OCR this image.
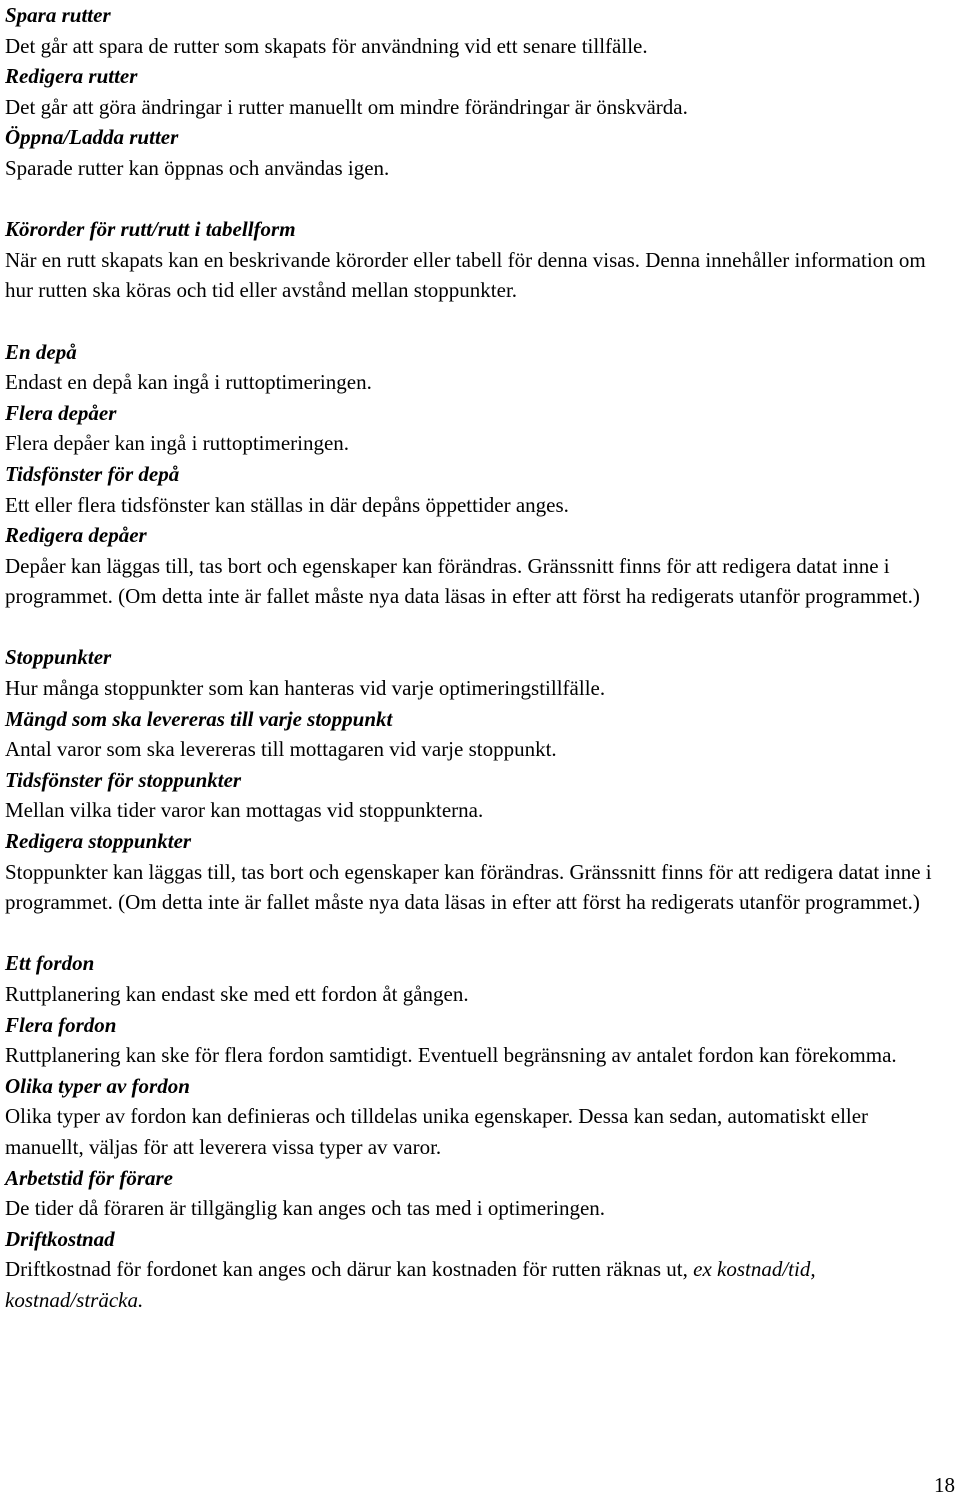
Spara rutter

Det går att spara de rutter som skapats för användning vid ett senare tillfälle.

Redigera rutter

Det går att göra ändringar i rutter manuellt om mindre förändringar är önskvärda.

Öppna/Ladda rutter

Sparade rutter kan öppnas och användas igen.

Körorder för rutt/rutt i tabellform

När en rutt skapats kan en beskrivande körorder eller tabell för denna visas. Denna innehåller information om hur rutten ska köras och tid eller avstånd mellan stoppunkter.

En depå

Endast en depå kan ingå i ruttoptimeringen.

Flera depåer

Flera depåer kan ingå i ruttoptimeringen.

Tidsfönster för depå

Ett eller flera tidsfönster kan ställas in där depåns öppettider anges.

Redigera depåer

Depåer kan läggas till, tas bort och egenskaper kan förändras. Gränssnitt finns för att redigera datat inne i programmet. (Om detta inte är fallet måste nya data läsas in efter att först ha redigerats utanför programmet.)

Stoppunkter

Hur många stoppunkter som kan hanteras vid varje optimeringstillfälle.

Mängd som ska levereras till varje stoppunkt

Antal varor som ska levereras till mottagaren vid varje stoppunkt.

Tidsfönster för stoppunkter

Mellan vilka tider varor kan mottagas vid stoppunkterna.

Redigera stoppunkter

Stoppunkter kan läggas till, tas bort och egenskaper kan förändras. Gränssnitt finns för att redigera datat inne i programmet. (Om detta inte är fallet måste nya data läsas in efter att först ha redigerats utanför programmet.)

Ett fordon

Ruttplanering kan endast ske med ett fordon åt gången.

Flera fordon

Ruttplanering kan ske för flera fordon samtidigt. Eventuell begränsning av antalet fordon kan förekomma.

Olika typer av fordon

Olika typer av fordon kan definieras och tilldelas unika egenskaper. Dessa kan sedan, automatiskt eller manuellt, väljas för att leverera vissa typer av varor.

Arbetstid för förare

De tider då föraren är tillgänglig kan anges och tas med i optimeringen.

Driftkostnad

Driftkostnad för fordonet kan anges och därur kan kostnaden för rutten räknas ut, ex kostnad/tid, kostnad/sträcka.

18
